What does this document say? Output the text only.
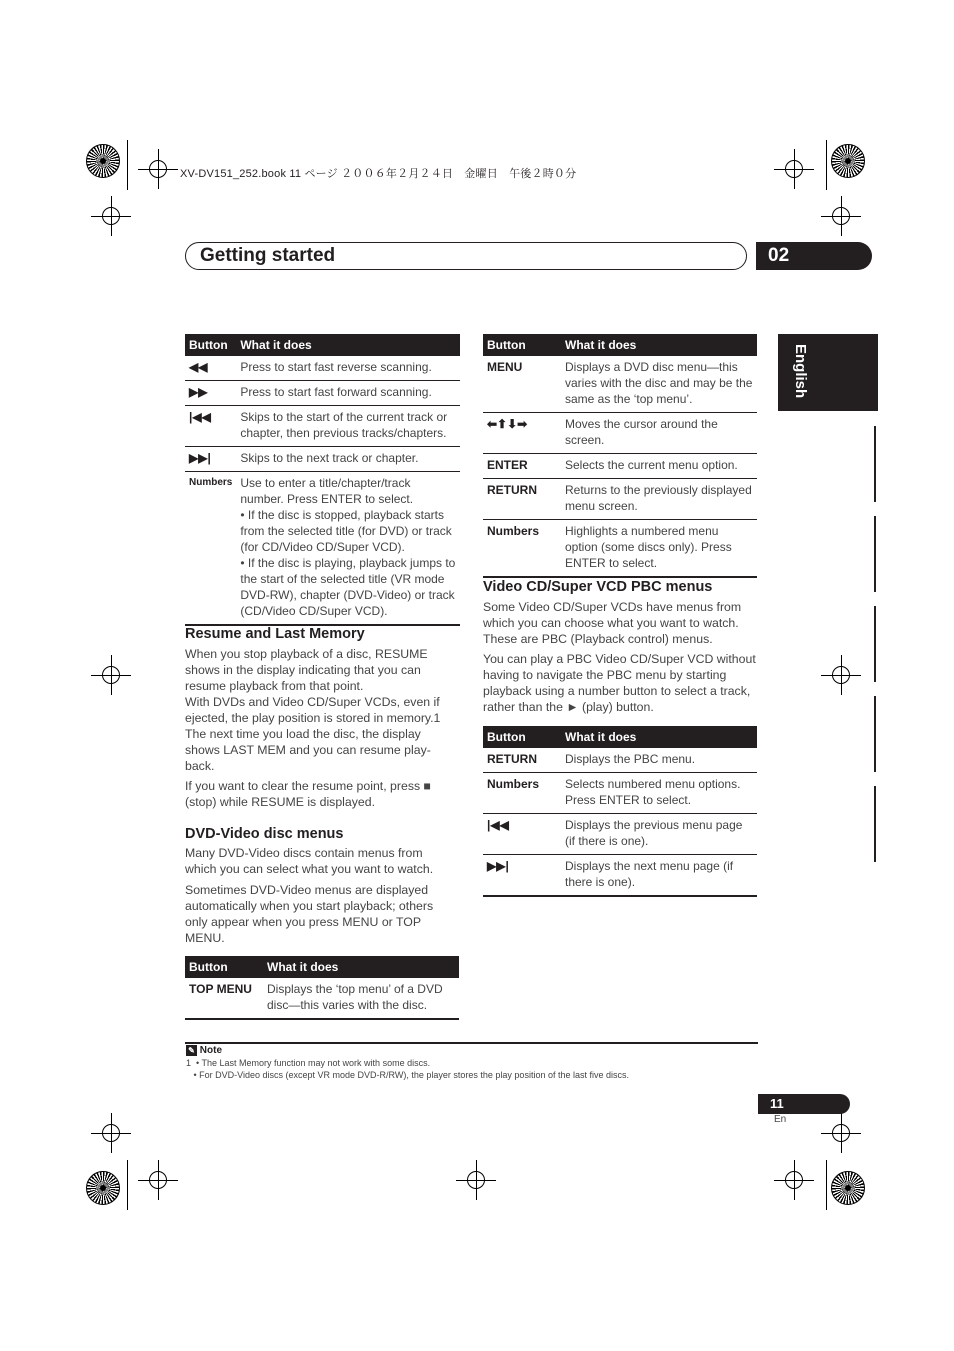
XV-DV151_252.book 11 ページ ２００６年２月２４日　金曜日　午後２時０分
Getting started	02
English
Button	What it does
◀◀	Press to start fast reverse scanning.
▶▶	Press to start fast forward scanning.
|◀◀	Skips to the start of the current track or chapter, then previous tracks/chapters.
▶▶|	Skips to the next track or chapter.
Numbers	Use to enter a title/chapter/track number. Press ENTER to select.
• If the disc is stopped, playback starts from the selected title (for DVD) or track (for CD/Video CD/Super VCD).
• If the disc is playing, playback jumps to the start of the selected title (VR mode DVD-RW), chapter (DVD-Video) or track (CD/Video CD/Super VCD).
Resume and Last Memory
When you stop playback of a disc, RESUME shows in the display indicating that you can resume playback from that point.
With DVDs and Video CD/Super VCDs, even if ejected, the play position is stored in memory.1 The next time you load the disc, the display shows LAST MEM and you can resume play-back.
If you want to clear the resume point, press ■ (stop) while RESUME is displayed.
DVD-Video disc menus
Many DVD-Video discs contain menus from which you can select what you want to watch.
Sometimes DVD-Video menus are displayed automatically when you start playback; others only appear when you press MENU or TOP MENU.
Button	What it does
TOP MENU	Displays the ‘top menu’ of a DVD disc—this varies with the disc.
Button	What it does
MENU	Displays a DVD disc menu—this varies with the disc and may be the same as the ‘top menu’.
⬅⬆⬇➡	Moves the cursor around the screen.
ENTER	Selects the current menu option.
RETURN	Returns to the previously displayed menu screen.
Numbers	Highlights a numbered menu option (some discs only). Press ENTER to select.
Video CD/Super VCD PBC menus
Some Video CD/Super VCDs have menus from which you can choose what you want to watch. These are PBC (Playback control) menus.
You can play a PBC Video CD/Super VCD without having to navigate the PBC menu by starting playback using a number button to select a track, rather than the ► (play) button.
Button	What it does
RETURN	Displays the PBC menu.
Numbers	Selects numbered menu options. Press ENTER to select.
|◀◀	Displays the previous menu page (if there is one).
▶▶|	Displays the next menu page (if there is one).
✎ Note
1  • The Last Memory function may not work with some discs.
• For DVD-Video discs (except VR mode DVD-R/RW), the player stores the play position of the last five discs.
11
En
